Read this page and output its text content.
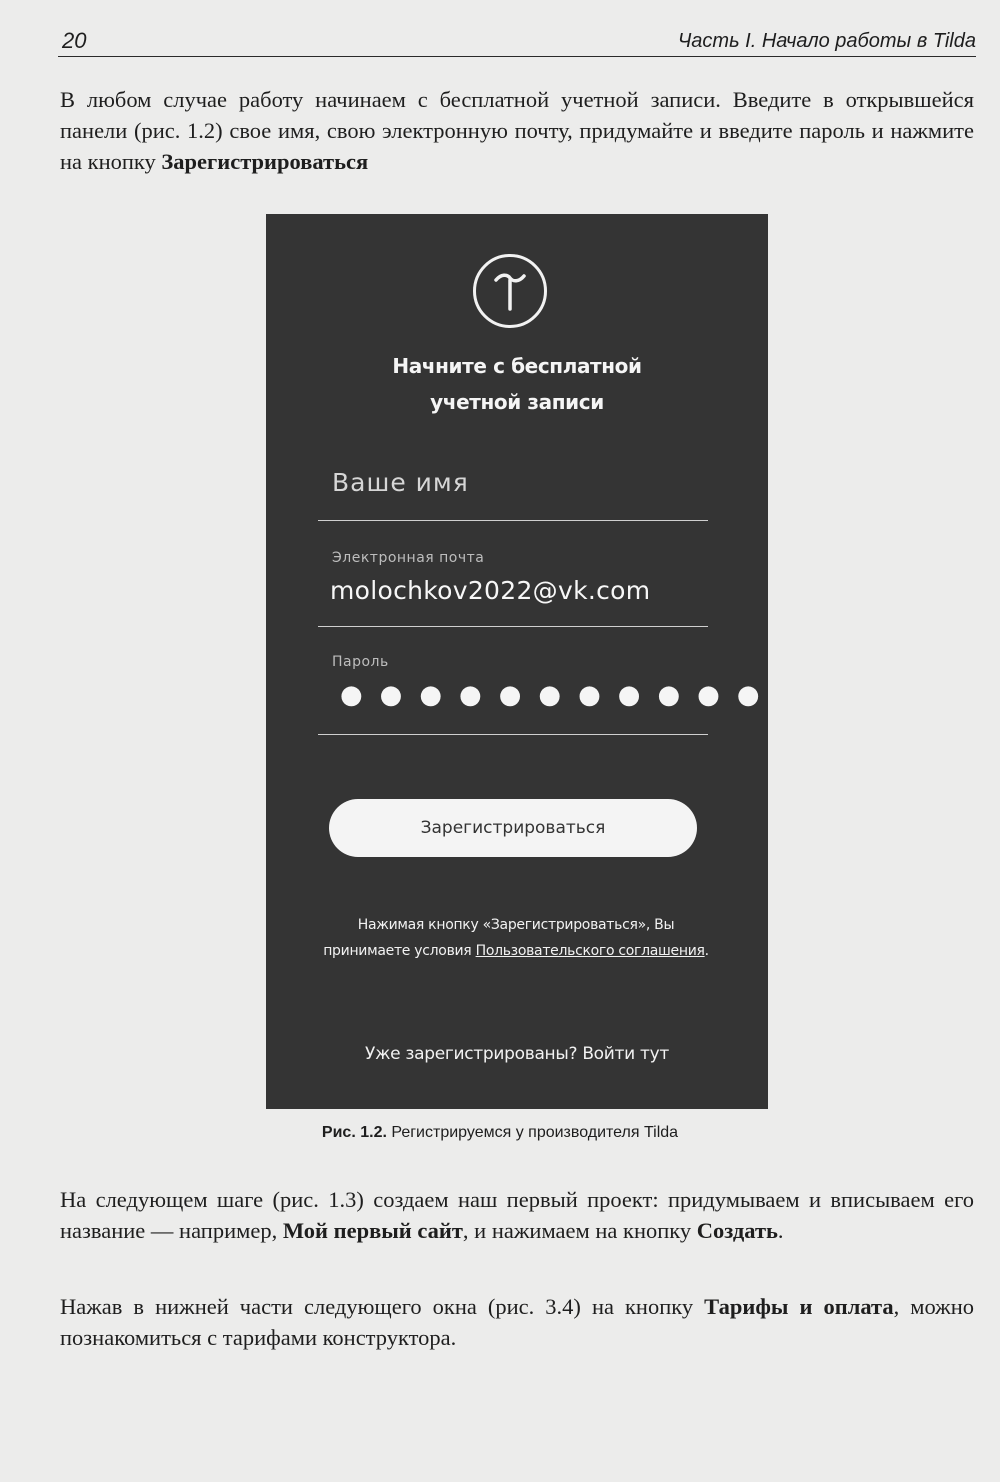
20	Часть I. Начало работы в Tilda

В любом случае работу начинаем с бесплатной учетной записи. Введите в открывшейся панели (рис. 1.2) свое имя, свою электронную почту, придумайте и введите пароль и нажмите на кнопку Зарегистрироваться

Начните с бесплатной
учетной записи
Ваше имя
Электронная почта
molochkov2022@vk.com
Пароль
●●●●●●●●●●●
Зарегистрироваться
Нажимая кнопку «Зарегистрироваться», Вы принимаете условия Пользовательского соглашения.
Уже зарегистрированы? Войти тут
Рис. 1.2. Регистрируемся у производителя Tilda

На следующем шаге (рис. 1.3) создаем наш первый проект: придумываем и вписываем его название — например, Мой первый сайт, и нажимаем на кнопку Создать.

Нажав в нижней части следующего окна (рис. 3.4) на кнопку Тарифы и оплата, можно познакомиться с тарифами конструктора.
